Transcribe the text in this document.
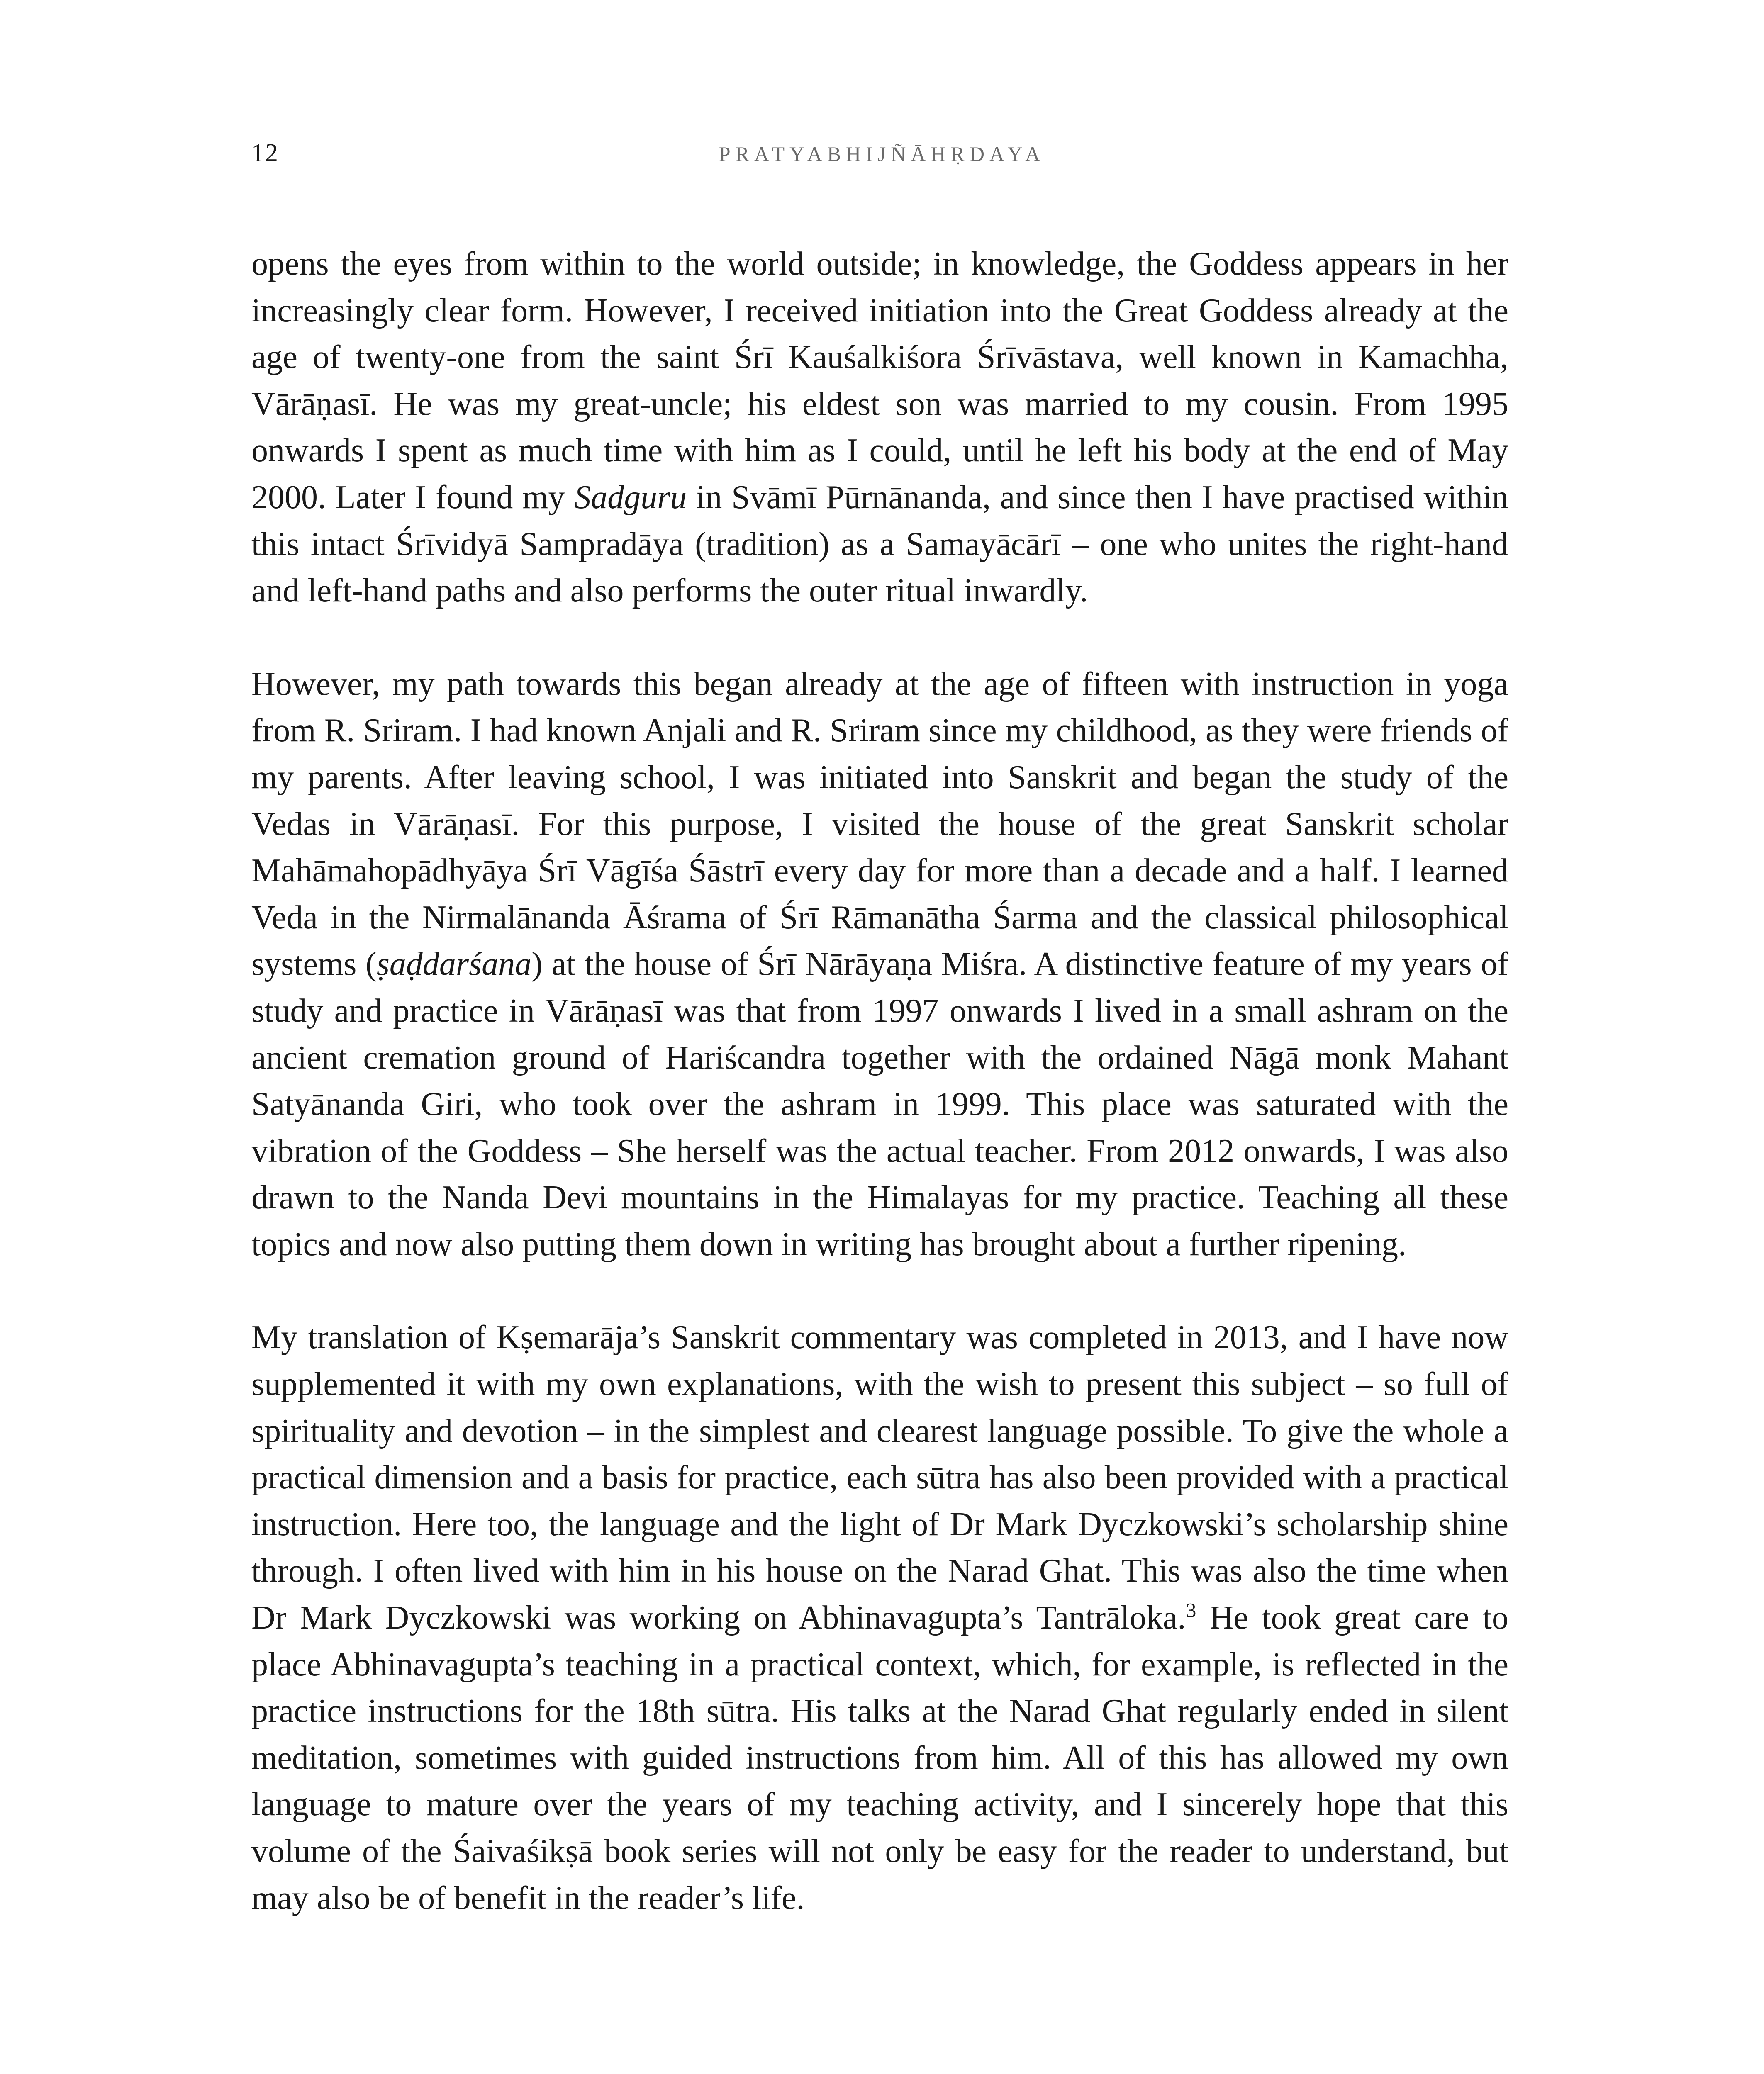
12	PRATYABHIJÑĀHṚDAYA

opens the eyes from within to the world outside; in knowledge, the Goddess appears in her increasingly clear form. However, I received initiation into the Great Goddess already at the age of twenty-one from the saint Śrī Kauśalkiśora Śrīvāstava, well known in Kamachha, Vārāṇasī. He was my great-uncle; his eldest son was married to my cousin. From 1995 onwards I spent as much time with him as I could, until he left his body at the end of May 2000. Later I found my Sadguru in Svāmī Pūrnānanda, and since then I have practised within this intact Śrīvidyā Sampradāya (tradition) as a Samayācārī – one who unites the right-hand and left-hand paths and also performs the outer ritual inwardly.

However, my path towards this began already at the age of fifteen with instruction in yoga from R. Sriram. I had known Anjali and R. Sriram since my childhood, as they were friends of my parents. After leaving school, I was initiated into Sanskrit and began the study of the Vedas in Vārāṇasī. For this purpose, I visited the house of the great Sanskrit scholar Mahāmahopādhyāya Śrī Vāgīśa Śāstrī every day for more than a decade and a half. I learned Veda in the Nirmalānanda Āśrama of Śrī Rāmanātha Śarma and the classical philosophical systems (ṣaḍdarśana) at the house of Śrī Nārāyaṇa Miśra. A distinctive feature of my years of study and practice in Vārāṇasī was that from 1997 onwards I lived in a small ashram on the ancient cremation ground of Hariścandra together with the ordained Nāgā monk Mahant Satyānanda Giri, who took over the ashram in 1999. This place was saturated with the vibration of the Goddess – She herself was the actual teacher. From 2012 onwards, I was also drawn to the Nanda Devi mountains in the Himalayas for my practice. Teaching all these topics and now also putting them down in writing has brought about a further ripening.

My translation of Kṣemarāja’s Sanskrit commentary was completed in 2013, and I have now supplemented it with my own explanations, with the wish to present this subject – so full of spirituality and devotion – in the simplest and clearest language possible. To give the whole a practical dimension and a basis for practice, each sūtra has also been provided with a practical instruction. Here too, the language and the light of Dr Mark Dyczkowski’s scholarship shine through. I often lived with him in his house on the Narad Ghat. This was also the time when Dr Mark Dyczkowski was working on Abhinavagupta’s Tantrāloka.$^3$ He took great care to place Abhinavagupta’s teaching in a practical context, which, for example, is reflected in the practice instructions for the 18th sūtra. His talks at the Narad Ghat regularly ended in silent meditation, sometimes with guided instructions from him. All of this has allowed my own language to mature over the years of my teaching activity, and I sincerely hope that this volume of the Śaivaśikṣā book series will not only be easy for the reader to understand, but may also be of benefit in the reader’s life.
